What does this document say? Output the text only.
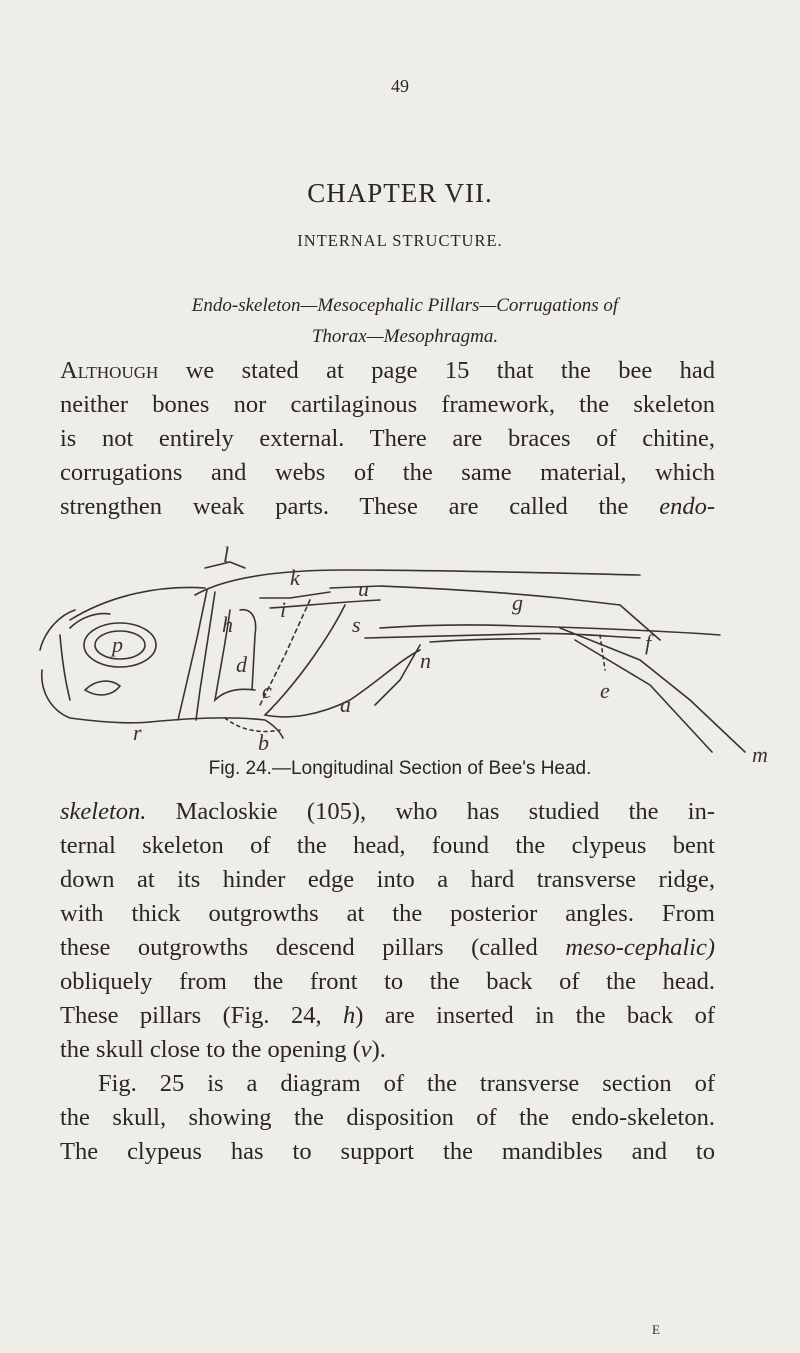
49
CHAPTER VII.
INTERNAL STRUCTURE.
Endo-skeleton—Mesocephalic Pillars—Corrugations of
Thorax—Mesophragma.
Although we stated at page 15 that the bee had
neither bones nor cartilaginous framework, the skeleton
is not entirely external. There are braces of chitine,
corrugations and webs of the same material, which
strengthen weak parts. These are called the endo-
l
k	u
g
p
h
i
s
f
d	n
c	e
a
r	b	m
Fig. 24.—Longitudinal Section of Bee's Head.
skeleton. Macloskie (105), who has studied the in-
ternal skeleton of the head, found the clypeus bent
down at its hinder edge into a hard transverse ridge,
with thick outgrowths at the posterior angles. From
these outgrowths descend pillars (called meso-cephalic)
obliquely from the front to the back of the head.
These pillars (Fig. 24, h) are inserted in the back of
the skull close to the opening (v).
Fig. 25 is a diagram of the transverse section of
the skull, showing the disposition of the endo-skeleton.
The clypeus has to support the mandibles and to
E
